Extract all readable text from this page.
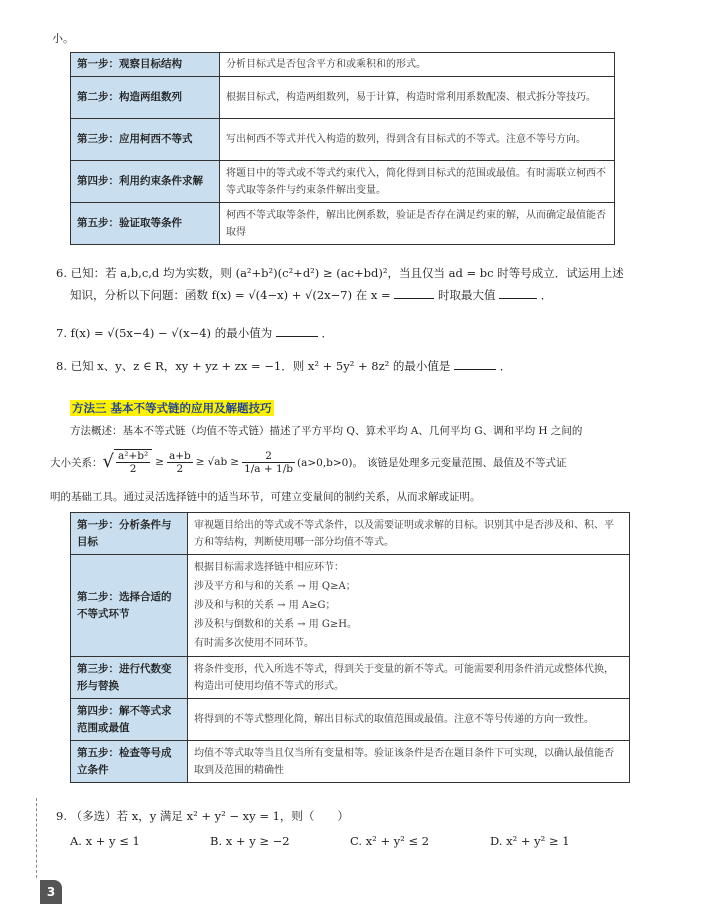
小。
第一步：观察目标结构	分析目标式是否包含平方和或乘积和的形式。
第二步：构造两组数列	根据目标式，构造两组数列，易于计算，构造时常利用系数配凑、根式拆分等技巧。
第三步：应用柯西不等式	写出柯西不等式并代入构造的数列，得到含有目标式的不等式。注意不等号方向。
第四步：利用约束条件求解	将题目中的等式或不等式约束代入，简化得到目标式的范围或最值。有时需联立柯西不等式取等条件与约束条件解出变量。
第五步：验证取等条件	柯西不等式取等条件，解出比例系数，验证是否存在满足约束的解，从而确定最值能否取得
6. 已知：若 a,b,c,d 均为实数，则 (a²+b²)(c²+d²) ≥ (ac+bd)²，当且仅当 ad = bc 时等号成立．试运用上述
知识，分析以下问题：函数 f(x) = √(4−x) + √(2x−7) 在 x =	时取最大值	．
7. f(x) = √(5x−4) − √(x−4) 的最小值为	．
8. 已知 x、y、z ∈ R，xy + yz + zx = −1．则 x² + 5y² + 8z² 的最小值是	．
方法三 基本不等式链的应用及解题技巧
方法概述：基本不等式链（均值不等式链）描述了平方平均 Q、算术平均 A、几何平均 G、调和平均 H 之间的
大小关系： √ $\frac{\text{a²+b²}}{2} \ge \frac{a+b}{2} \ge √ab \ge \frac{2}{1/a + 1/b} (a>0,b>0)$。 该链是处理多元变量范围、最值及不等式证
明的基础工具。通过灵活选择链中的适当环节，可建立变量间的制约关系，从而求解或证明。
第一步：分析条件与目标	审视题目给出的等式或不等式条件，以及需要证明或求解的目标。识别其中是否涉及和、积、平方和等结构，判断使用哪一部分均值不等式。

第二步：选择合适的不等式环节	根据目标需求选择链中相应环节：
涉及平方和与和的关系 → 用 Q≥A；
涉及和与积的关系 → 用 A≥G；
涉及积与倒数和的关系 → 用 G≥H。
有时需多次使用不同环节。

第三步：进行代数变形与替换	将条件变形，代入所选不等式，得到关于变量的新不等式。可能需要利用条件消元或整体代换，构造出可使用均值不等式的形式。

第四步：解不等式求范围或最值	将得到的不等式整理化简，解出目标式的取值范围或最值。注意不等号传递的方向一致性。

第五步：检查等号成立条件	均值不等式取等当且仅当所有变量相等。验证该条件是否在题目条件下可实现，以确认最值能否取到及范围的精确性
9. （多选）若 x，y 满足 x² + y² − xy = 1，则（　　）
A. x + y ≤ 1	B. x + y ≥ −2	C. x² + y² ≤ 2	D. x² + y² ≥ 1
3
